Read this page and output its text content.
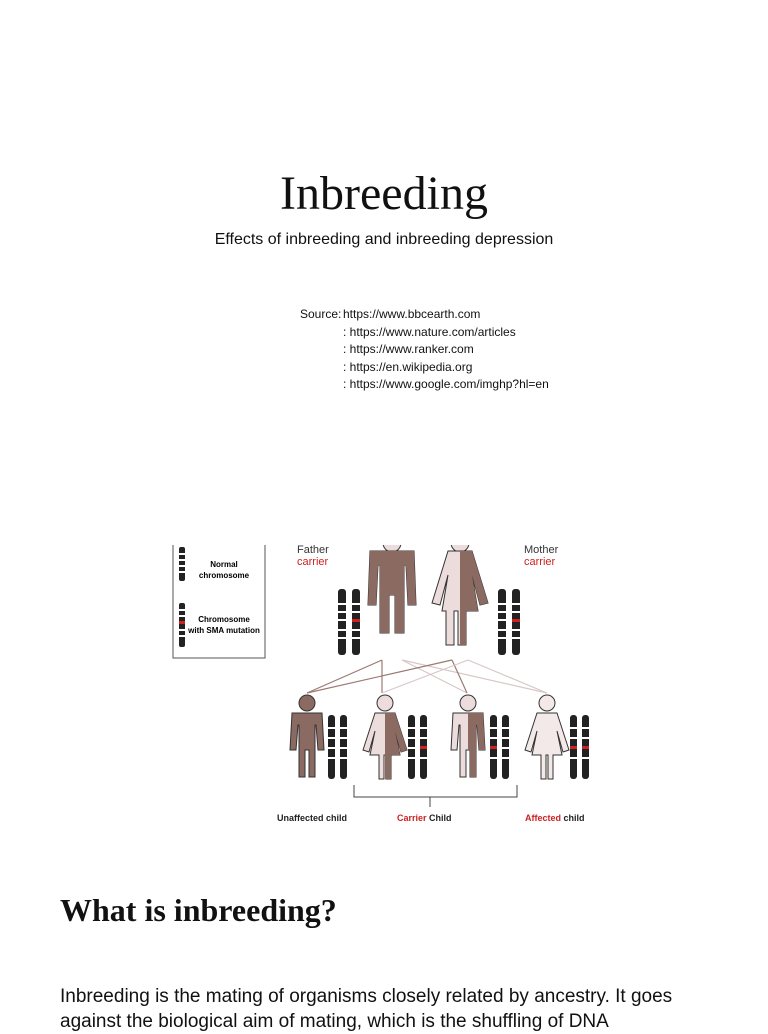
Inbreeding
Effects of inbreeding and inbreeding depression
Source: https://www.bbcearth.com
: https://www.nature.com/articles
: https://www.ranker.com
: https://en.wikipedia.org
: https://www.google.com/imghp?hl=en
Normal
chromosome
Chromosome
with SMA mutation
Father
carrier
Mother
carrier
Unaffected child	Carrier Child	Affected child
What is inbreeding?
Inbreeding is the mating of organisms closely related by ancestry. It goes against the biological aim of mating, which is the shuffling of DNA
